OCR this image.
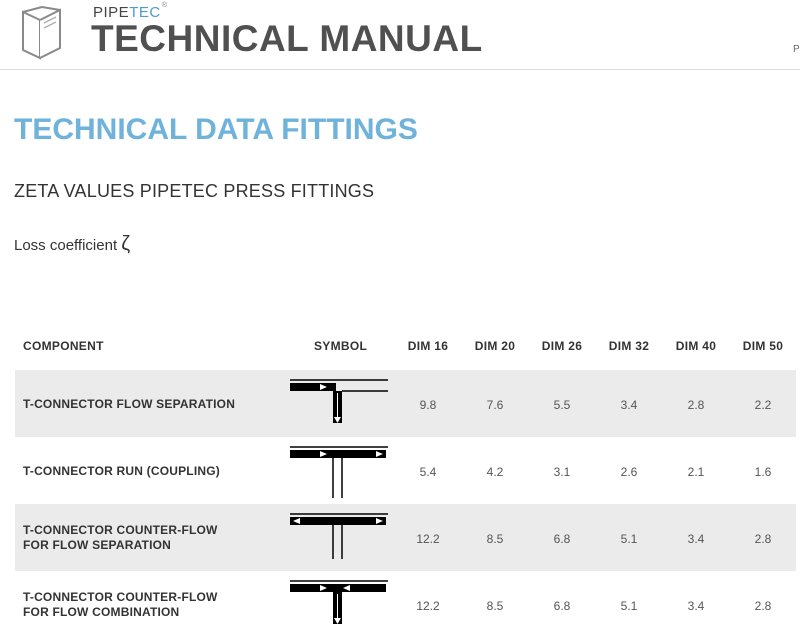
PIPETEC®
TECHNICAL MANUAL	P
TECHNICAL DATA FITTINGS
ZETA VALUES PIPETEC PRESS FITTINGS
Loss coefficient ζ
COMPONENT	SYMBOL	DIM 16	DIM 20	DIM 26	DIM 32	DIM 40	DIM 50
T-CONNECTOR FLOW SEPARATION	9.8	7.6	5.5	3.4	2.8	2.2
T-CONNECTOR RUN (COUPLING)	5.4	4.2	3.1	2.6	2.1	1.6
T-CONNECTOR COUNTER-FLOW
FOR FLOW SEPARATION	12.2	8.5	6.8	5.1	3.4	2.8
T-CONNECTOR COUNTER-FLOW
FOR FLOW COMBINATION	12.2	8.5	6.8	5.1	3.4	2.8
